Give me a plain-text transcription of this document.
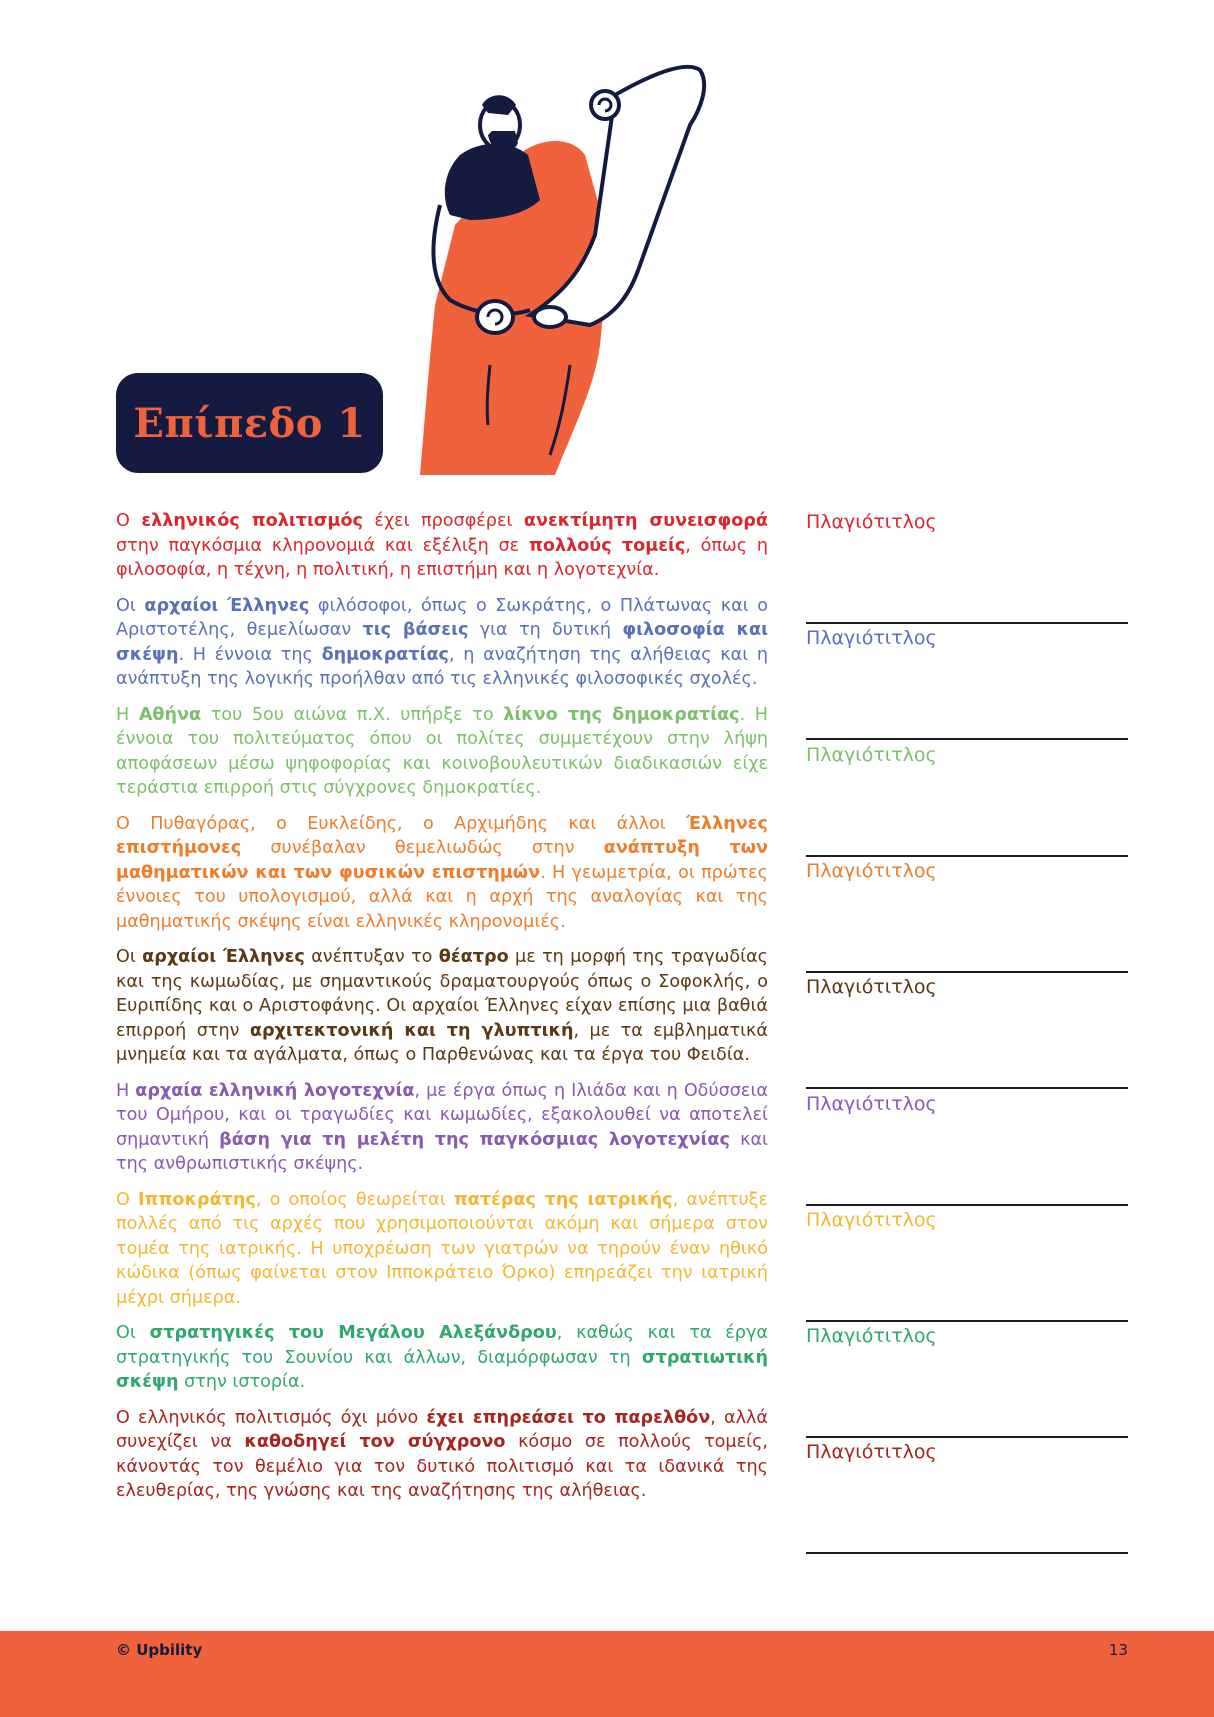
Επίπεδο 1

Ο ελληνικός πολιτισμός έχει προσφέρει ανεκτίμητη συνεισφορά στην παγκόσμια κληρονομιά και εξέλιξη σε πολλούς τομείς, όπως η φιλοσοφία, η τέχνη, η πολιτική, η επιστήμη και η λογοτεχνία.

Οι αρχαίοι Έλληνες φιλόσοφοι, όπως ο Σωκράτης, ο Πλάτωνας και ο Αριστοτέλης, θεμελίωσαν τις βάσεις για τη δυτική φιλοσοφία και σκέψη. Η έννοια της δημοκρατίας, η αναζήτηση της αλήθειας και η ανάπτυξη της λογικής προήλθαν από τις ελληνικές φιλοσοφικές σχολές.

Η Αθήνα του 5ου αιώνα π.Χ. υπήρξε το λίκνο της δημοκρατίας. Η έννοια του πολιτεύματος όπου οι πολίτες συμμετέχουν στην λήψη αποφάσεων μέσω ψηφοφορίας και κοινοβουλευτικών διαδικασιών είχε τεράστια επιρροή στις σύγχρονες δημοκρατίες.

Ο Πυθαγόρας, ο Ευκλείδης, ο Αρχιμήδης και άλλοι Έλληνες επιστήμονες συνέβαλαν θεμελιωδώς στην ανάπτυξη των μαθηματικών και των φυσικών επιστημών. Η γεωμετρία, οι πρώτες έννοιες του υπολογισμού, αλλά και η αρχή της αναλογίας και της μαθηματικής σκέψης είναι ελληνικές κληρονομιές.

Οι αρχαίοι Έλληνες ανέπτυξαν το θέατρο με τη μορφή της τραγωδίας και της κωμωδίας, με σημαντικούς δραματουργούς όπως ο Σοφοκλής, ο Ευριπίδης και ο Αριστοφάνης. Οι αρχαίοι Έλληνες είχαν επίσης μια βαθιά επιρροή στην αρχιτεκτονική και τη γλυπτική, με τα εμβληματικά μνημεία και τα αγάλματα, όπως ο Παρθενώνας και τα έργα του Φειδία.

Η αρχαία ελληνική λογοτεχνία, με έργα όπως η Ιλιάδα και η Οδύσσεια του Ομήρου, και οι τραγωδίες και κωμωδίες, εξακολουθεί να αποτελεί σημαντική βάση για τη μελέτη της παγκόσμιας λογοτεχνίας και της ανθρωπιστικής σκέψης.

Ο Ιπποκράτης, ο οποίος θεωρείται πατέρας της ιατρικής, ανέπτυξε πολλές από τις αρχές που χρησιμοποιούνται ακόμη και σήμερα στον τομέα της ιατρικής. Η υποχρέωση των γιατρών να τηρούν έναν ηθικό κώδικα (όπως φαίνεται στον Ιπποκράτειο Όρκο) επηρεάζει την ιατρική μέχρι σήμερα.

Οι στρατηγικές του Μεγάλου Αλεξάνδρου, καθώς και τα έργα στρατηγικής του Σουνίου και άλλων, διαμόρφωσαν τη στρατιωτική σκέψη στην ιστορία.

Ο ελληνικός πολιτισμός όχι μόνο έχει επηρεάσει το παρελθόν, αλλά συνεχίζει να καθοδηγεί τον σύγχρονο κόσμο σε πολλούς τομείς, κάνοντάς τον θεμέλιο για τον δυτικό πολιτισμό και τα ιδανικά της ελευθερίας, της γνώσης και της αναζήτησης της αλήθειας.

Πλαγιότιτλος
Πλαγιότιτλος
Πλαγιότιτλος
Πλαγιότιτλος
Πλαγιότιτλος
Πλαγιότιτλος
Πλαγιότιτλος
Πλαγιότιτλος
Πλαγιότιτλος
© Upbility	13
